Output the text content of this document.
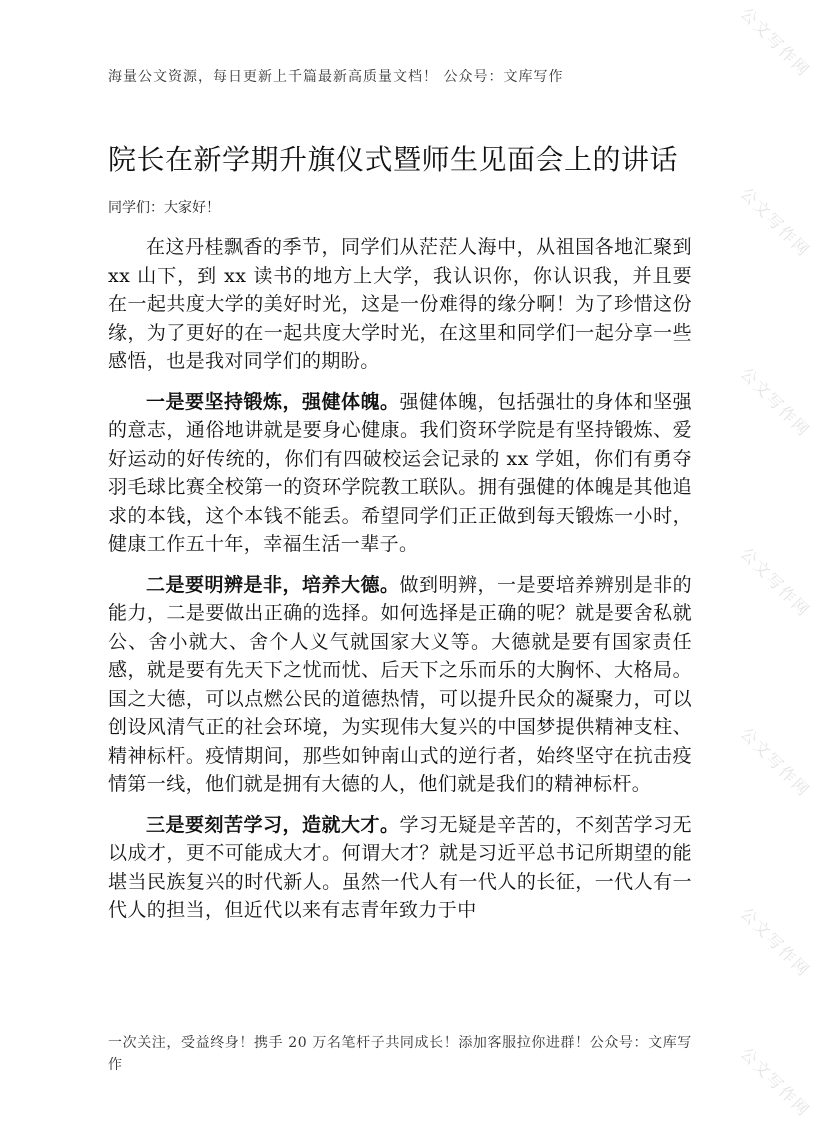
海量公文资源，每日更新上千篇最新高质量文档！ 公众号：文库写作
院长在新学期升旗仪式暨师生见面会上的讲话
同学们：大家好！

在这丹桂飘香的季节，同学们从茫茫人海中，从祖国各地汇聚到 xx 山下，到 xx 读书的地方上大学，我认识你，你认识我，并且要在一起共度大学的美好时光，这是一份难得的缘分啊！为了珍惜这份缘，为了更好的在一起共度大学时光，在这里和同学们一起分享一些感悟，也是我对同学们的期盼。

一是要坚持锻炼，强健体魄。强健体魄，包括强壮的身体和坚强的意志，通俗地讲就是要身心健康。我们资环学院是有坚持锻炼、爱好运动的好传统的，你们有四破校运会记录的 xx 学姐，你们有勇夺羽毛球比赛全校第一的资环学院教工联队。拥有强健的体魄是其他追求的本钱，这个本钱不能丢。希望同学们正正做到每天锻炼一小时，健康工作五十年，幸福生活一辈子。

二是要明辨是非，培养大德。做到明辨，一是要培养辨别是非的能力，二是要做出正确的选择。如何选择是正确的呢？就是要舍私就公、舍小就大、舍个人义气就国家大义等。大德就是要有国家责任感，就是要有先天下之忧而忧、后天下之乐而乐的大胸怀、大格局。国之大德，可以点燃公民的道德热情，可以提升民众的凝聚力，可以创设风清气正的社会环境，为实现伟大复兴的中国梦提供精神支柱、精神标杆。疫情期间，那些如钟南山式的逆行者，始终坚守在抗击疫情第一线，他们就是拥有大德的人，他们就是我们的精神标杆。

三是要刻苦学习，造就大才。学习无疑是辛苦的，不刻苦学习无以成才，更不可能成大才。何谓大才？就是习近平总书记所期望的能堪当民族复兴的时代新人。虽然一代人有一代人的长征，一代人有一代人的担当，但近代以来有志青年致力于中

一次关注，受益终身！携手 20 万名笔杆子共同成长！添加客服拉你进群！公众号：文库写作
公文写作网
公文写作网
公文写作网
公文写作网
公文写作网
公文写作网
公文写作网
